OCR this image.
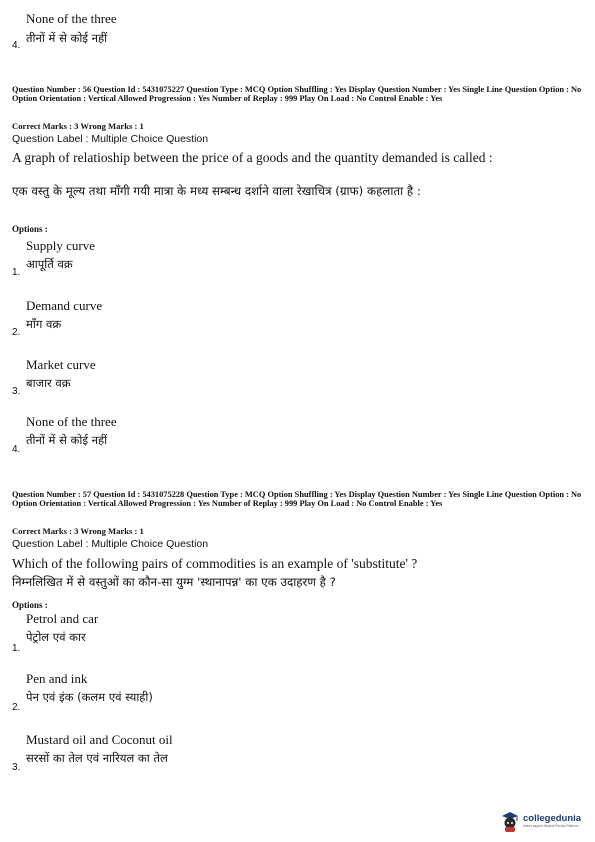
None of the three
तीनों में से कोई नहीं
4.
Question Number : 56 Question Id : 5431075227 Question Type : MCQ Option Shuffling : Yes Display Question Number : Yes Single Line Question Option : No Option Orientation : Vertical Allowed Progression : Yes Number of Replay : 999 Play On Load : No Control Enable : Yes
Correct Marks : 3 Wrong Marks : 1
Question Label : Multiple Choice Question
A graph of relatioship between the price of a goods and the quantity demanded is called :
एक वस्तु के मूल्य तथा माँगी गयी मात्रा के मध्य सम्बन्ध दर्शाने वाला रेखाचित्र (ग्राफ) कहलाता है :
Options :
Supply curve
आपूर्ति वक्र
1.
Demand curve
माँग वक्र
2.
Market curve
बाजार वक्र
3.
None of the three
तीनों में से कोई नहीं
4.
Question Number : 57 Question Id : 5431075228 Question Type : MCQ Option Shuffling : Yes Display Question Number : Yes Single Line Question Option : No Option Orientation : Vertical Allowed Progression : Yes Number of Replay : 999 Play On Load : No Control Enable : Yes
Correct Marks : 3 Wrong Marks : 1
Question Label : Multiple Choice Question
Which of the following pairs of commodities is an example of 'substitute' ?
निम्नलिखित में से वस्तुओं का कौन-सा युग्म 'स्थानापन्न' का एक उदाहरण है ?
Options :
Petrol and car
पेट्रोल एवं कार
1.
Pen and ink
पेन एवं इंक (कलम एवं स्याही)
2.
Mustard oil and Coconut oil
सरसों का तेल एवं नारियल का तेल
3.
collegedunia
India's largest Student Review Platform
